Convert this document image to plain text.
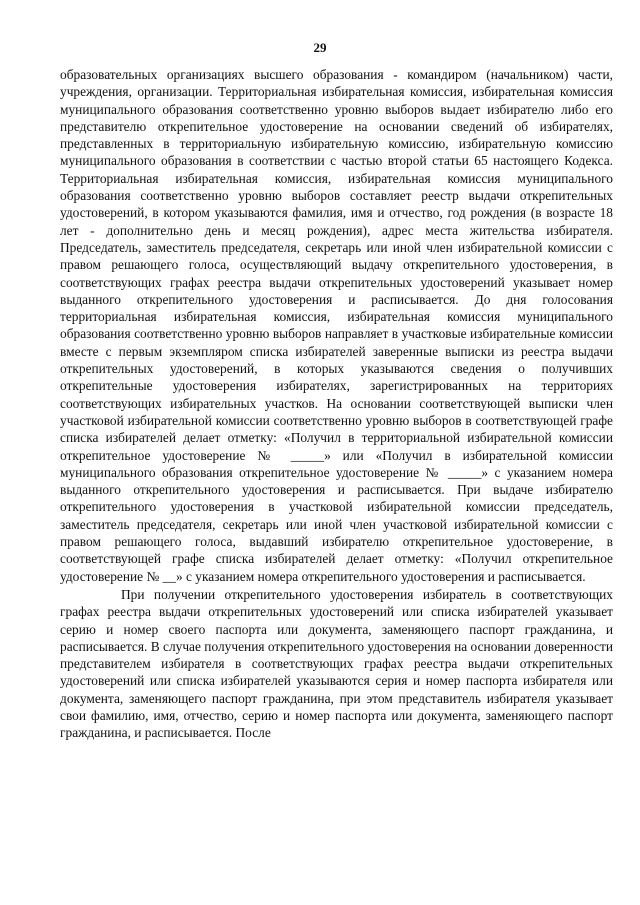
29

образовательных организациях высшего образования - командиром (начальником) части, учреждения, организации. Территориальная избирательная комиссия, избирательная комиссия муниципального образования соответственно уровню выборов выдает избирателю либо его представителю открепительное удостоверение на основании сведений об избирателях, представленных в территориальную избирательную комиссию, избирательную комиссию муниципального образования в соответствии с частью второй статьи 65 настоящего Кодекса. Территориальная избирательная комиссия, избирательная комиссия муниципального образования соответственно уровню выборов составляет реестр выдачи открепительных удостоверений, в котором указываются фамилия, имя и отчество, год рождения (в возрасте 18 лет - дополнительно день и месяц рождения), адрес места жительства избирателя. Председатель, заместитель председателя, секретарь или иной член избирательной комиссии с правом решающего голоса, осуществляющий выдачу открепительного удостоверения, в соответствующих графах реестра выдачи открепительных удостоверений указывает номер выданного открепительного удостоверения и расписывается. До дня голосования территориальная избирательная комиссия, избирательная комиссия муниципального образования соответственно уровню выборов направляет в участковые избирательные комиссии вместе с первым экземпляром списка избирателей заверенные выписки из реестра выдачи открепительных удостоверений, в которых указываются сведения о получивших открепительные удостоверения избирателях, зарегистрированных на территориях соответствующих избирательных участков. На основании соответствующей выписки член участковой избирательной комиссии соответственно уровню выборов в соответствующей графе списка избирателей делает отметку: «Получил в территориальной избирательной комиссии открепительное удостоверение № _____» или «Получил в избирательной комиссии муниципального образования открепительное удостоверение № _____» с указанием номера выданного открепительного удостоверения и расписывается. При выдаче избирателю открепительного удостоверения в участковой избирательной комиссии председатель, заместитель председателя, секретарь или иной член участковой избирательной комиссии с правом решающего голоса, выдавший избирателю открепительное удостоверение, в соответствующей графе списка избирателей делает отметку: «Получил открепительное удостоверение № __» с указанием номера открепительного удостоверения и расписывается.

При получении открепительного удостоверения избиратель в соответствующих графах реестра выдачи открепительных удостоверений или списка избирателей указывает серию и номер своего паспорта или документа, заменяющего паспорт гражданина, и расписывается. В случае получения открепительного удостоверения на основании доверенности представителем избирателя в соответствующих графах реестра выдачи открепительных удостоверений или списка избирателей указываются серия и номер паспорта избирателя или документа, заменяющего паспорт гражданина, при этом представитель избирателя указывает свои фамилию, имя, отчество, серию и номер паспорта или документа, заменяющего паспорт гражданина, и расписывается. После
